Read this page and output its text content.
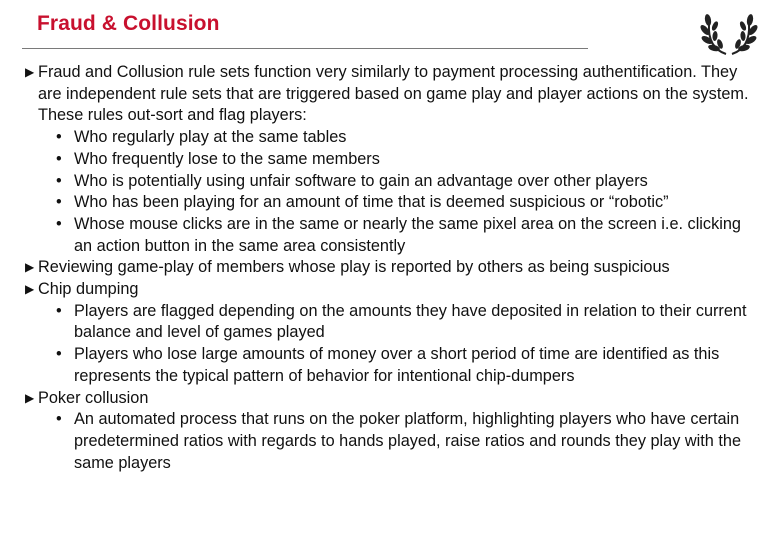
Fraud & Collusion
▶ Fraud and Collusion rule sets function very similarly to payment processing authentification. They are independent rule sets that are triggered based on game play and player actions on the system. These rules out-sort and flag players:
• Who regularly play at the same tables
• Who frequently lose to the same members
• Who is potentially using unfair software to gain an advantage over other players
• Who has been playing for an amount of time that is deemed suspicious or “robotic”
• Whose mouse clicks are in the same or nearly the same pixel area on the screen i.e. clicking an action button in the same area consistently
▶ Reviewing game-play of members whose play is reported by others as being suspicious
▶ Chip dumping
• Players are flagged depending on the amounts they have deposited in relation to their current balance and level of games played
• Players who lose large amounts of money over a short period of time are identified as this represents the typical pattern of behavior for intentional chip-dumpers
▶ Poker collusion
• An automated process that runs on the poker platform, highlighting players who have certain predetermined ratios with regards to hands played, raise ratios and rounds they play with the same players
